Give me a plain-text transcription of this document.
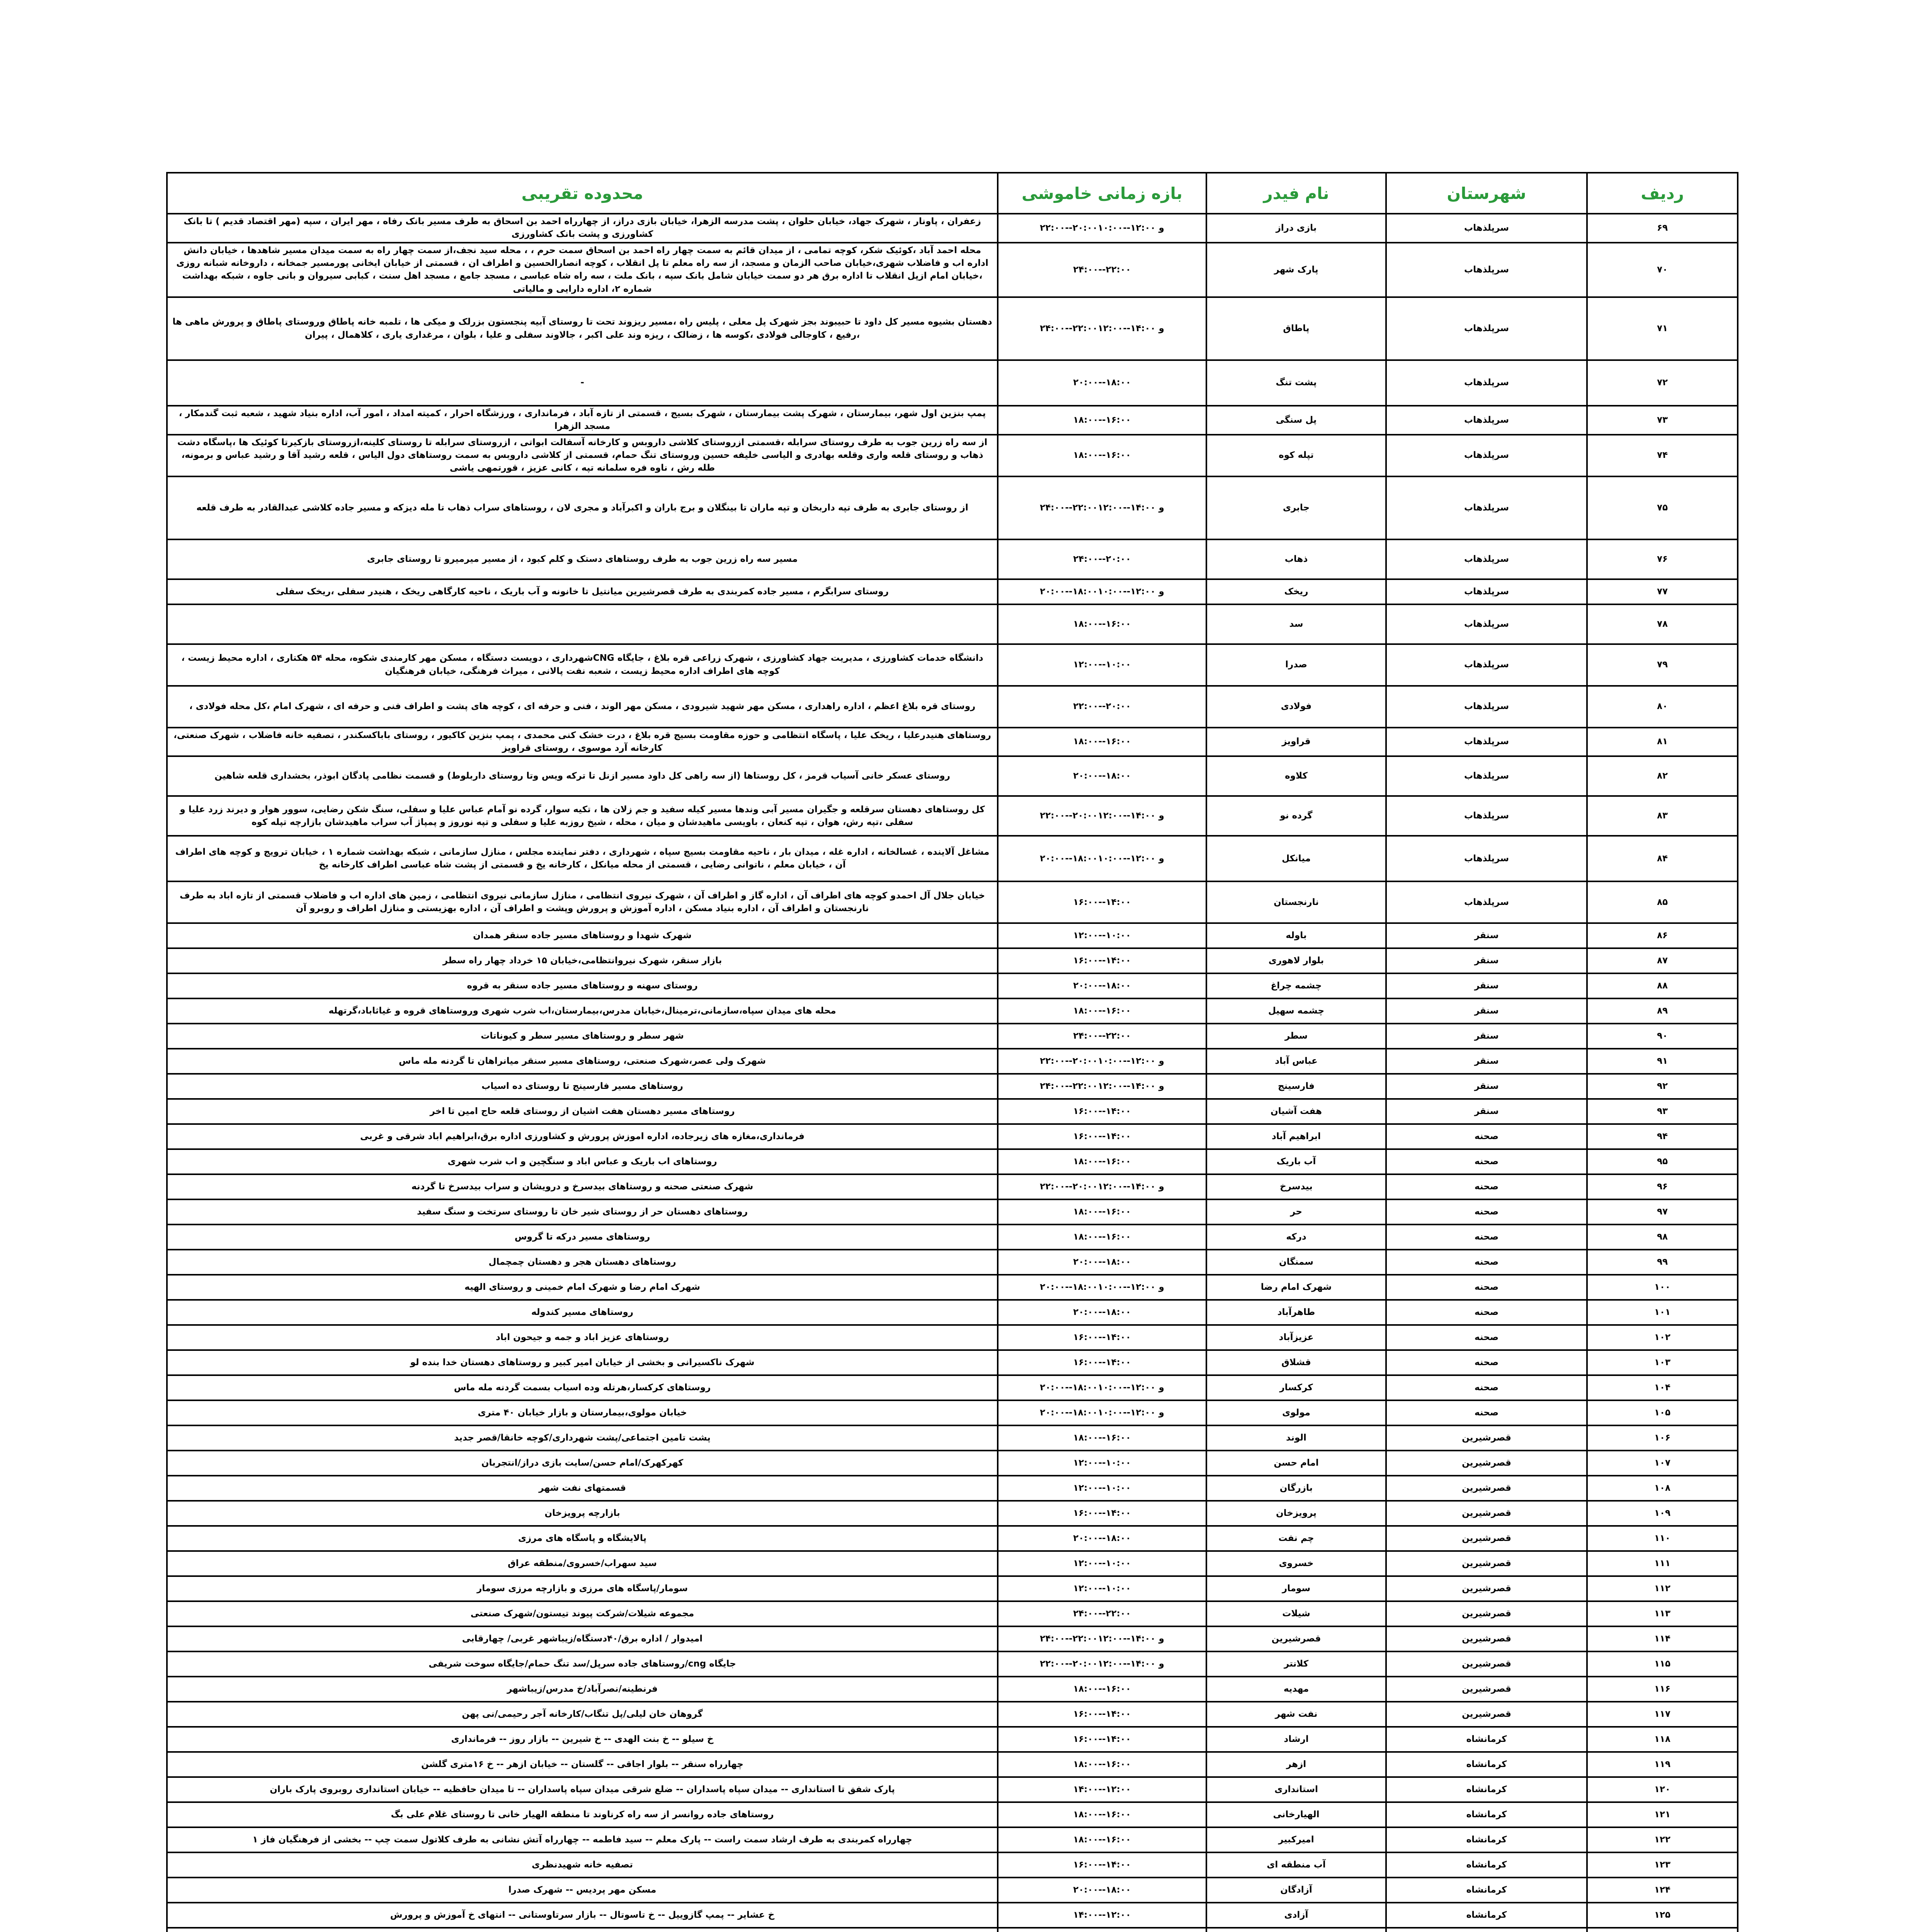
ردیف	شهرستان	نام فیدر	بازه زمانی خاموشی	محدوده تقریبی
۶۹	سرپلذهاب	بازی دراز	۲۲:۰۰--۲۰:۰۰و ۱۲:۰۰--۱۰:۰۰	زعفران ، پاونار ، شهرک جهاد، خیابان حلوان ، پشت مدرسه الزهرا، خیابان بازی دراز، از چهارراه احمد بن اسحاق به طرف مسیر بانک رفاه ، مهر ایران ، سپه (مهر اقتصاد قدیم ) تا بانک کشاورزی و پشت بانک کشاورزی
۷۰	سرپلذهاب	پارک شهر	۲۴:۰۰--۲۲:۰۰	محله احمد آباد ،کوئیک شکر، کوچه تمامی ، از میدان قائم به سمت چهار راه احمد بن اسحاق سمت حرم ، ، محله سید نجف،از سمت چهار راه به سمت میدان مسیر شاهدها ، خیابان دانش اداره اب و فاضلاب شهری،خیابان صاحب الزمان و مسجد، از سه راه معلم تا پل انقلاب ، کوچه انصارالحسین و اطراف ان ، قسمتی از خیابان ایخانی پورمسیر جمخانه ، داروخانه شبانه روزی ،خیابان امام ازپل انقلاب تا اداره برق هر دو سمت خیابان شامل بانک سپه ، بانک ملت ، سه راه شاه عباسی ، مسجد جامع ، مسجد اهل سنت ، کبابی سیروان و بانی جاوه ، شبکه بهداشت شماره ۲، اداره دارایی و مالیاتی
۷۱	سرپلذهاب	پاطاق	۲۴:۰۰--۲۲:۰۰و ۱۴:۰۰--۱۲:۰۰	دهستان بشیوه مسیر کل داود تا حبیبوند بجز شهرک پل معلی ، پلیس راه ،مسیر ریزوند تحت تا روستای آبیه پنجستون بزرلک و میکی ها ، تلمبه خانه پاطاق وروستای پاطاق و پرورش ماهی ها ،رفیع ، کاوجالی فولادی ،کوسه ها ، زضالک ، ریزه وند علی اکبر ، جالاوند سفلی و علیا ، بلوان ، مرغداری یاری ، کلاهمال ، پیران
۷۲	سرپلذهاب	پشت تنگ	۲۰:۰۰--۱۸:۰۰	-
۷۳	سرپلذهاب	پل سنگی	۱۸:۰۰--۱۶:۰۰	پمپ بنزین اول شهر، بیمارستان ، شهرک پشت بیمارستان ، شهرک بسیج ، قسمتی از تازه آباد ، فرمانداری ، ورزشگاه احرار ، کمیته امداد ، امور آب، اداره بنیاد شهید ، شعبه ثبت گندمکار ، مسجد الزهرا
۷۴	سرپلذهاب	تپله کوه	۱۸:۰۰--۱۶:۰۰	از سه راه زرین جوب به طرف روستای سرابله ،قسمتی ازروستای کلاشی داروبس و کارخانه آسفالت ابواتی ، ازروستای سرابله تا روستای کلینه،ازروستای بازکیرتا کوئیک ها ،پاسگاه دشت ذهاب و روستای قلعه واری وقلعه بهادری و الیاسی خلیفه حسین وروستای تنگ حمام، قسمتی از کلاشی داروبس به سمت روستاهای دول الیاس ، قلعه رشید آقا و رشید عباس و برمونه، طله رش ، ناوه فره سلمانه تپه ، کانی عزیز ، قورتمهی یاشی
۷۵	سرپلذهاب	جابری	۲۴:۰۰--۲۲:۰۰و ۱۴:۰۰--۱۲:۰۰	از روستای جابری به طرف تپه داربخان و تپه ماران تا بینگلان و برج باران و اکبرآباد و مجری لان ، روستاهای سراب ذهاب تا مله دیزکه و مسیر جاده کلاشی عبدالقادر به طرف قلعه
۷۶	سرپلذهاب	ذهاب	۲۴:۰۰--۲۰:۰۰	مسیر سه راه زرین جوب به طرف روستاهای دستک و کلم کبود ، از مسیر میرمیرو تا روستای جابری
۷۷	سرپلذهاب	ریخک	۲۰:۰۰--۱۸:۰۰و ۱۲:۰۰--۱۰:۰۰	روستای سرابگرم ، مسیر جاده کمربندی به طرف قصرشیرین میانتیل تا خانونه و آب باریک ، ناحیه کارگاهی ریخک ، هنیدر سفلی ،ریخک سفلی
۷۸	سرپلذهاب	سد	۱۸:۰۰--۱۶:۰۰	
۷۹	سرپلذهاب	صدرا	۱۲:۰۰--۱۰:۰۰	دانشگاه خدمات کشاورزی ، مدیریت جهاد کشاورزی ، شهرک زراعی قره بلاغ ، جایگاه CNGشهرداری ، دویست دستگاه ، مسکن مهر کارمندی شکوه، محله ۵۴ هکتاری ، اداره محیط زیست ، کوچه های اطراف اداره محیط زیست ، شعبه نفت پالانی ، میراث فرهنگی، خیابان فرهنگیان
۸۰	سرپلذهاب	فولادی	۲۲:۰۰--۲۰:۰۰	روستای قره بلاغ اعظم ، اداره راهداری ، مسکن مهر شهید شیرودی ، مسکن مهر الوند ، فنی و حرفه ای ، کوچه های پشت و اطراف فنی و حرفه ای ، شهرک امام ،کل محله فولادی ،
۸۱	سرپلذهاب	قراویز	۱۸:۰۰--۱۶:۰۰	روستاهای هنیدرعلیا ، ریخک علیا ، پاسگاه انتظامی و حوزه مقاومت بسیج قره بلاغ ، درت خشک کنی محمدی ، پمپ بنزین کاکیور ، روستای باباکسکندر ، تصفیه خانه فاضلاب ، شهرک صنعتی، کارخانه آرد موسوی ، روستای قراویز
۸۲	سرپلذهاب	کلاوه	۲۰:۰۰--۱۸:۰۰	روستای عسکر خانی آسیاب قرمز ، کل روستاها (از سه راهی کل داود مسیر ازنل تا ترکه ویس وتا روستای داربلوط) و قسمت نظامی پادگان ابوذر، بخشداری قلعه شاهین
۸۳	سرپلذهاب	گرده نو	۲۲:۰۰--۲۰:۰۰و ۱۴:۰۰--۱۲:۰۰	کل روستاهای دهستان سرقلعه و جگیران مسیر آبی وندها مسیر کیله سفید و جم زلان ها ، تکیه سوار، گرده نو آمام عباس علیا و سفلی، سنگ شکن رضایی، سوور هوار و دیرند زرد علیا و سفلی ،تپه رش، هوان ، تپه کنعان ، باویسی ماهیدشان و میان ، محله ، شیخ روزبه علیا و سفلی و تپه نوروز و پمپاژ آب سراب ماهیدشان بازارچه تپله کوه
۸۴	سرپلذهاب	میانکل	۲۰:۰۰--۱۸:۰۰و ۱۲:۰۰--۱۰:۰۰	مشاغل آلاینده ، غسالخانه ، اداره غله ، میدان بار ، ناحیه مقاومت بسیج سپاه ، شهرداری ، دفتر نماینده مجلس ، منازل سازمانی ، شبکه بهداشت شماره ۱ ، خیابان ترویج و کوچه های اطراف آن ، خیابان معلم ، ناتوانی رضایی ، قسمتی از محله میانکل ، کارخانه یخ و قسمتی از پشت شاه عباسی اطراف کارخانه یخ
۸۵	سرپلذهاب	نارنجستان	۱۶:۰۰--۱۴:۰۰	خیابان جلال آل احمدو کوچه های اطراف آن ، اداره گاز و اطراف آن ، شهرک نیروی انتظامی ، منازل سازمانی نیروی انتظامی ، زمین های اداره اب و فاضلاب قسمتی از تازه اباد به طرف نارنجستان و اطراف آن ، اداره بنیاد مسکن ، اداره آموزش و پرورش وپشت و اطراف آن ، اداره بهزیستی و منازل اطراف و روبرو آن
۸۶	سنقر	باوله	۱۲:۰۰--۱۰:۰۰	شهرک شهدا و روستاهای مسیر جاده سنقر همدان
۸۷	سنقر	بلوار لاهوری	۱۶:۰۰--۱۴:۰۰	بازار سنقر، شهرک نیروانتظامی،خیابان ۱۵ خرداد چهار راه سطر
۸۸	سنقر	چشمه چراغ	۲۰:۰۰--۱۸:۰۰	روستای سهنه و روستاهای مسیر جاده سنقر به قروه
۸۹	سنقر	چشمه سهیل	۱۸:۰۰--۱۶:۰۰	محله های میدان سپاه،سازمانی،ترمینال،خیابان مدرس،بیمارستان،اب شرب شهری وروستاهای قروه و غیاثاباد،گرتهله
۹۰	سنقر	سطر	۲۴:۰۰--۲۲:۰۰	شهر سطر و روستاهای مسیر سطر و کیوناتات
۹۱	سنقر	عباس آباد	۲۲:۰۰--۲۰:۰۰و ۱۲:۰۰--۱۰:۰۰	شهرک ولی عصر،شهرک صنعتی، روستاهای مسیر سنقر میانراهان تا گردنه مله ماس
۹۲	سنقر	فارسینج	۲۴:۰۰--۲۲:۰۰و ۱۴:۰۰--۱۲:۰۰	روستاهای مسیر فارسینج تا روستای ده اسیاب
۹۳	سنقر	هفت آشیان	۱۶:۰۰--۱۴:۰۰	روستاهای مسیر دهستان هفت اشیان از روستای قلعه حاج امین تا اخر
۹۴	صحنه	ابراهیم آباد	۱۶:۰۰--۱۴:۰۰	فرمانداری،مغازه های زیرجاده، اداره اموزش پرورش و کشاورزی اداره برق،ابراهیم اباد شرقی و غربی
۹۵	صحنه	آب باریک	۱۸:۰۰--۱۶:۰۰	روستاهای اب باریک و عباس اباد و سنگچین و اب شرب شهری
۹۶	صحنه	بیدسرخ	۲۲:۰۰--۲۰:۰۰و ۱۴:۰۰--۱۲:۰۰	شهرک صنعتی صحنه و روستاهای بیدسرخ و درویشان و سراب بیدسرخ تا گردنه
۹۷	صحنه	حر	۱۸:۰۰--۱۶:۰۰	روستاهای دهستان حر از روستای شیر خان تا روستای سرتخت و سنگ سفید
۹۸	صحنه	درکه	۱۸:۰۰--۱۶:۰۰	روستاهای مسیر درکه تا گروس
۹۹	صحنه	سمنگان	۲۰:۰۰--۱۸:۰۰	روستاهای دهستان هجر و دهستان چمچمال
۱۰۰	صحنه	شهرک امام رضا	۲۰:۰۰--۱۸:۰۰و ۱۲:۰۰--۱۰:۰۰	شهرک امام رضا و شهرک امام خمینی و روستای الهیه
۱۰۱	صحنه	طاهرآباد	۲۰:۰۰--۱۸:۰۰	روستاهای مسیر کندوله
۱۰۲	صحنه	عزیزآباد	۱۶:۰۰--۱۴:۰۰	روستاهای عزیز اباد و جمه و جیحون اباد
۱۰۳	صحنه	قشلاق	۱۶:۰۰--۱۴:۰۰	شهرک ناکسیرانی و بخشی از خیابان امیر کبیر و روستاهای دهستان خدا بنده لو
۱۰۴	صحنه	کرکسار	۲۰:۰۰--۱۸:۰۰و ۱۲:۰۰--۱۰:۰۰	روستاهای کرکسار،هرتله وده اسیاب بسمت گردنه مله ماس
۱۰۵	صحنه	مولوی	۲۰:۰۰--۱۸:۰۰و ۱۲:۰۰--۱۰:۰۰	خیابان مولوی،بیمارستان و بازار خیابان ۴۰ متری
۱۰۶	قصرشیرین	الوند	۱۸:۰۰--۱۶:۰۰	پشت تامین اجتماعی/پشت شهرداری/کوچه خانقا/قصر جدید
۱۰۷	قصرشیرین	امام حسن	۱۲:۰۰--۱۰:۰۰	کهرکهرک/امام حسن/سایت بازی دراز/انتجربان
۱۰۸	قصرشیرین	بازرگان	۱۲:۰۰--۱۰:۰۰	قسمتهای نفت شهر
۱۰۹	قصرشیرین	پرویزخان	۱۶:۰۰--۱۴:۰۰	بازارچه پرویزخان
۱۱۰	قصرشیرین	چم نفت	۲۰:۰۰--۱۸:۰۰	پالایشگاه و پاسگاه های مرزی
۱۱۱	قصرشیرین	خسروی	۱۲:۰۰--۱۰:۰۰	سید سهراب/خسروی/منطقه عراق
۱۱۲	قصرشیرین	سومار	۱۲:۰۰--۱۰:۰۰	سومار/پاسگاه های مرزی و بازارچه مرزی سومار
۱۱۳	قصرشیرین	شیلات	۲۴:۰۰--۲۲:۰۰	مجموعه شیلات/شرکت پیوند تیستون/شهرک صنعتی
۱۱۴	قصرشیرین	قصرشیرین	۲۴:۰۰--۲۲:۰۰و ۱۴:۰۰--۱۲:۰۰	امیدوار / اداره برق/۴۰دستگاه/زیباشهر غربی/ چهارقابی
۱۱۵	قصرشیرین	کلانتر	۲۲:۰۰--۲۰:۰۰و ۱۴:۰۰--۱۲:۰۰	جایگاه cng/روستاهای جاده سرپل/سد تنگ حمام/جایگاه سوخت شریفی
۱۱۶	قصرشیرین	مهدیه	۱۸:۰۰--۱۶:۰۰	فرنطینه/نصرآباد/خ مدرس/زیباشهر
۱۱۷	قصرشیرین	نفت شهر	۱۶:۰۰--۱۴:۰۰	گروهان خان لیلی/پل تنگاب/کارخانه آجر رحیمی/نی پهن
۱۱۸	کرمانشاه	ارشاد	۱۶:۰۰--۱۴:۰۰	خ سیلو -- خ بنت الهدی -- خ شیرین -- بازار روز -- فرمانداری
۱۱۹	کرمانشاه	ازهر	۱۸:۰۰--۱۶:۰۰	چهارراه سنقر -- بلوار اجاقی -- گلستان -- خیابان ازهر -- خ ۱۶متری گلشن
۱۲۰	کرمانشاه	استانداری	۱۴:۰۰--۱۲:۰۰	پارک شفق تا استانداری -- میدان سپاه پاسداران -- ضلع شرقی میدان سپاه پاسداران -- تا میدان حافظیه -- خیابان استانداری روبروی پارک باران
۱۲۱	کرمانشاه	الهیارخانی	۱۸:۰۰--۱۶:۰۰	روستاهای جاده روانسر از سه راه کرناوند تا منطقه الهیار خانی تا روستای غلام علی بگ
۱۲۲	کرمانشاه	امیرکبیر	۱۸:۰۰--۱۶:۰۰	چهارراه کمربندی به طرف ارشاد سمت راست -- پارک معلم -- سید فاطمه -- چهارراه آتش نشانی به طرف کلاتول سمت چپ -- بخشی از فرهنگیان فاز ۱
۱۲۳	کرمانشاه	آب منطقه ای	۱۶:۰۰--۱۴:۰۰	تصفیه خانه شهیدنظری
۱۲۴	کرمانشاه	آزادگان	۲۰:۰۰--۱۸:۰۰	مسکن مهر پردیس -- شهرک صدرا
۱۲۵	کرمانشاه	آزادی	۱۴:۰۰--۱۲:۰۰	خ عشایر -- پمپ گازوییل -- خ تاسوتال -- بازار سرتاوستانی -- انتهای خ آموزش و پرورش
